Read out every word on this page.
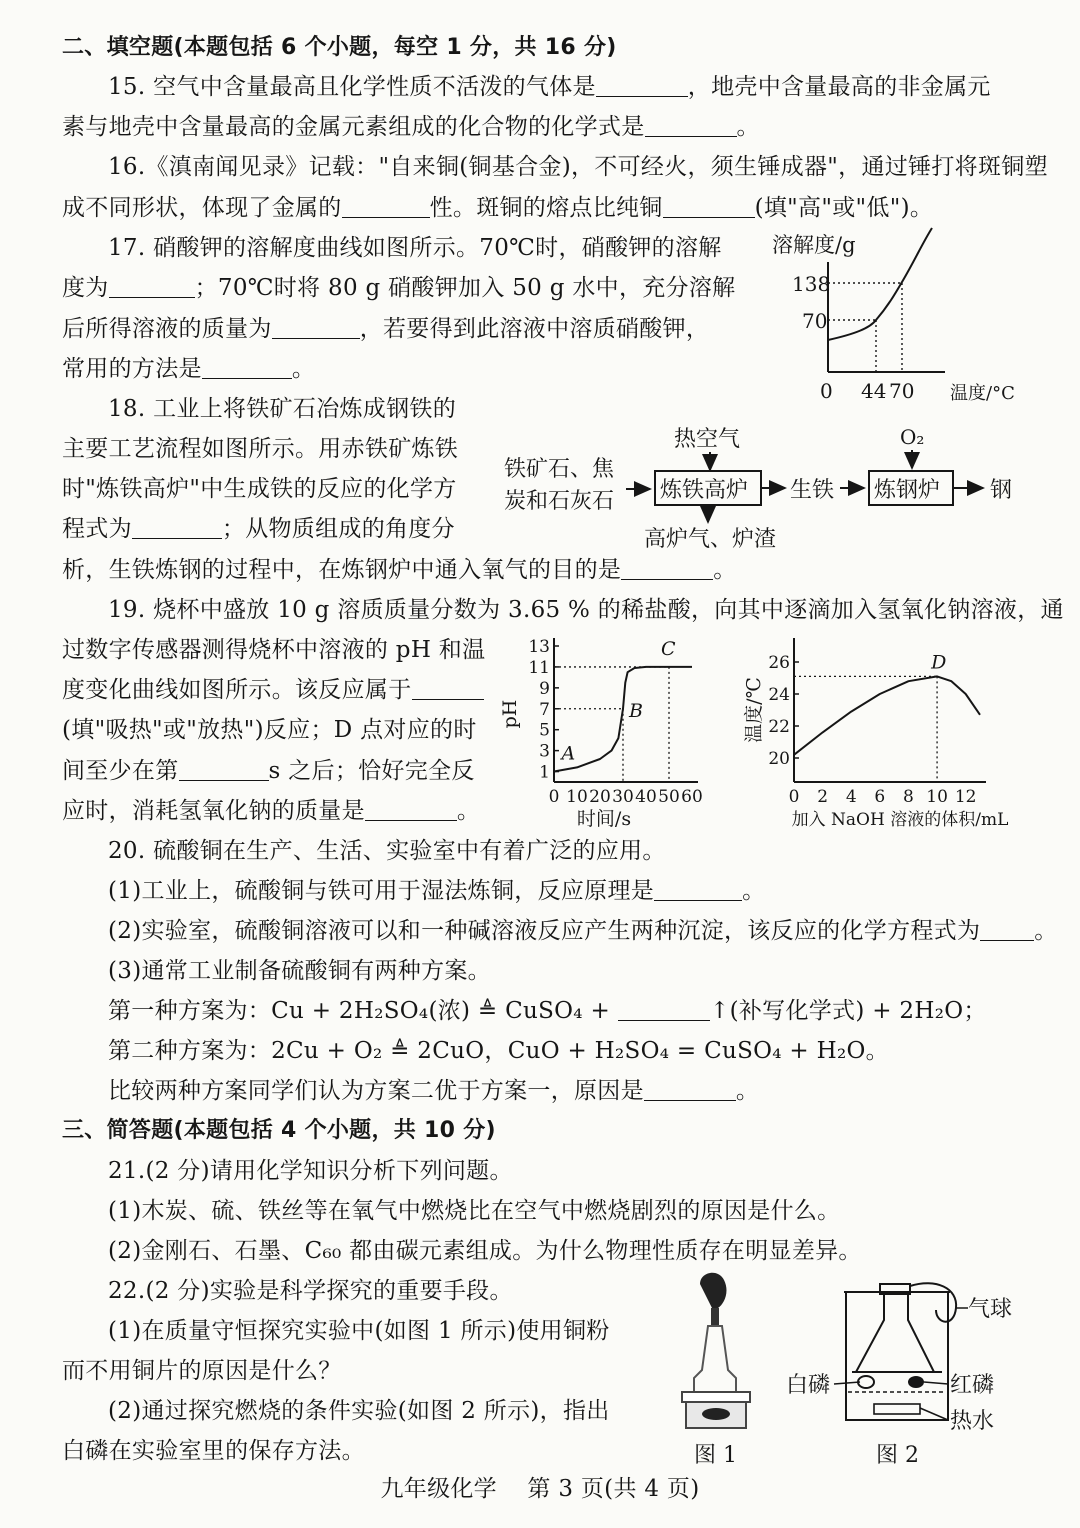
二、填空题(本题包括 6 个小题，每空 1 分，共 16 分)
15. 空气中含量最高且化学性质不活泼的气体是	，地壳中含量最高的非金属元
素与地壳中含量最高的金属元素组成的化合物的化学式是	。
16.《滇南闻见录》记载："自来铜(铜基合金)，不可经火，须生锤成器"，通过锤打将斑铜塑
成不同形状，体现了金属的	性。斑铜的熔点比纯铜	(填"高"或"低")。
17. 硝酸钾的溶解度曲线如图所示。70℃时，硝酸钾的溶解
度为	；70℃时将 80 g 硝酸钾加入 50 g 水中，充分溶解
后所得溶液的质量为	，若要得到此溶液中溶质硝酸钾，
常用的方法是	。
溶解度/g
138
70
0 44 70 温度/°C
18. 工业上将铁矿石冶炼成钢铁的
主要工艺流程如图所示。用赤铁矿炼铁
时"炼铁高炉"中生成铁的反应的化学方
程式为	；从物质组成的角度分
析，生铁炼钢的过程中，在炼钢炉中通入氧气的目的是	。
铁矿石、焦
炭和石灰石
热空气
炼铁高炉 生铁
O₂
炼钢炉 钢
高炉气、炉渣
19. 烧杯中盛放 10 g 溶质质量分数为 3.65 % 的稀盐酸，向其中逐滴加入氢氧化钠溶液，通
过数字传感器测得烧杯中溶液的 pH 和温
度变化曲线如图所示。该反应属于
(填"吸热"或"放热")反应；D 点对应的时
间至少在第	s 之后；恰好完全反
应时，消耗氢氧化钠的质量是	。
1
3
5
7
9
11
13
0 10 20 30 40 50 60
A
B
C
时间/s
pH
20
22
24
26
0 2 4 6 8 10 12
D
加入 NaOH 溶液的体积/mL
温度/℃
20. 硫酸铜在生产、生活、实验室中有着广泛的应用。
(1)工业上，硫酸铜与铁可用于湿法炼铜，反应原理是	。
(2)实验室，硫酸铜溶液可以和一种碱溶液反应产生两种沉淀，该反应的化学方程式为 。
(3)通常工业制备硫酸铜有两种方案。
第一种方案为：Cu + 2H₂SO₄(浓) ≜ CuSO₄ +	↑(补写化学式) + 2H₂O；
第二种方案为：2Cu + O₂ ≜ 2CuO，CuO + H₂SO₄ = CuSO₄ + H₂O。
比较两种方案同学们认为方案二优于方案一，原因是	。
三、简答题(本题包括 4 个小题，共 10 分)
21.(2 分)请用化学知识分析下列问题。
(1)木炭、硫、铁丝等在氧气中燃烧比在空气中燃烧剧烈的原因是什么。
(2)金刚石、石墨、C₆₀ 都由碳元素组成。为什么物理性质存在明显差异。
22.(2 分)实验是科学探究的重要手段。
(1)在质量守恒探究实验中(如图 1 所示)使用铜粉
而不用铜片的原因是什么？
(2)通过探究燃烧的条件实验(如图 2 所示)，指出
白磷在实验室里的保存方法。	图 1
气球
白磷	红磷
热水
图 2
九年级化学    第 3 页(共 4 页)
